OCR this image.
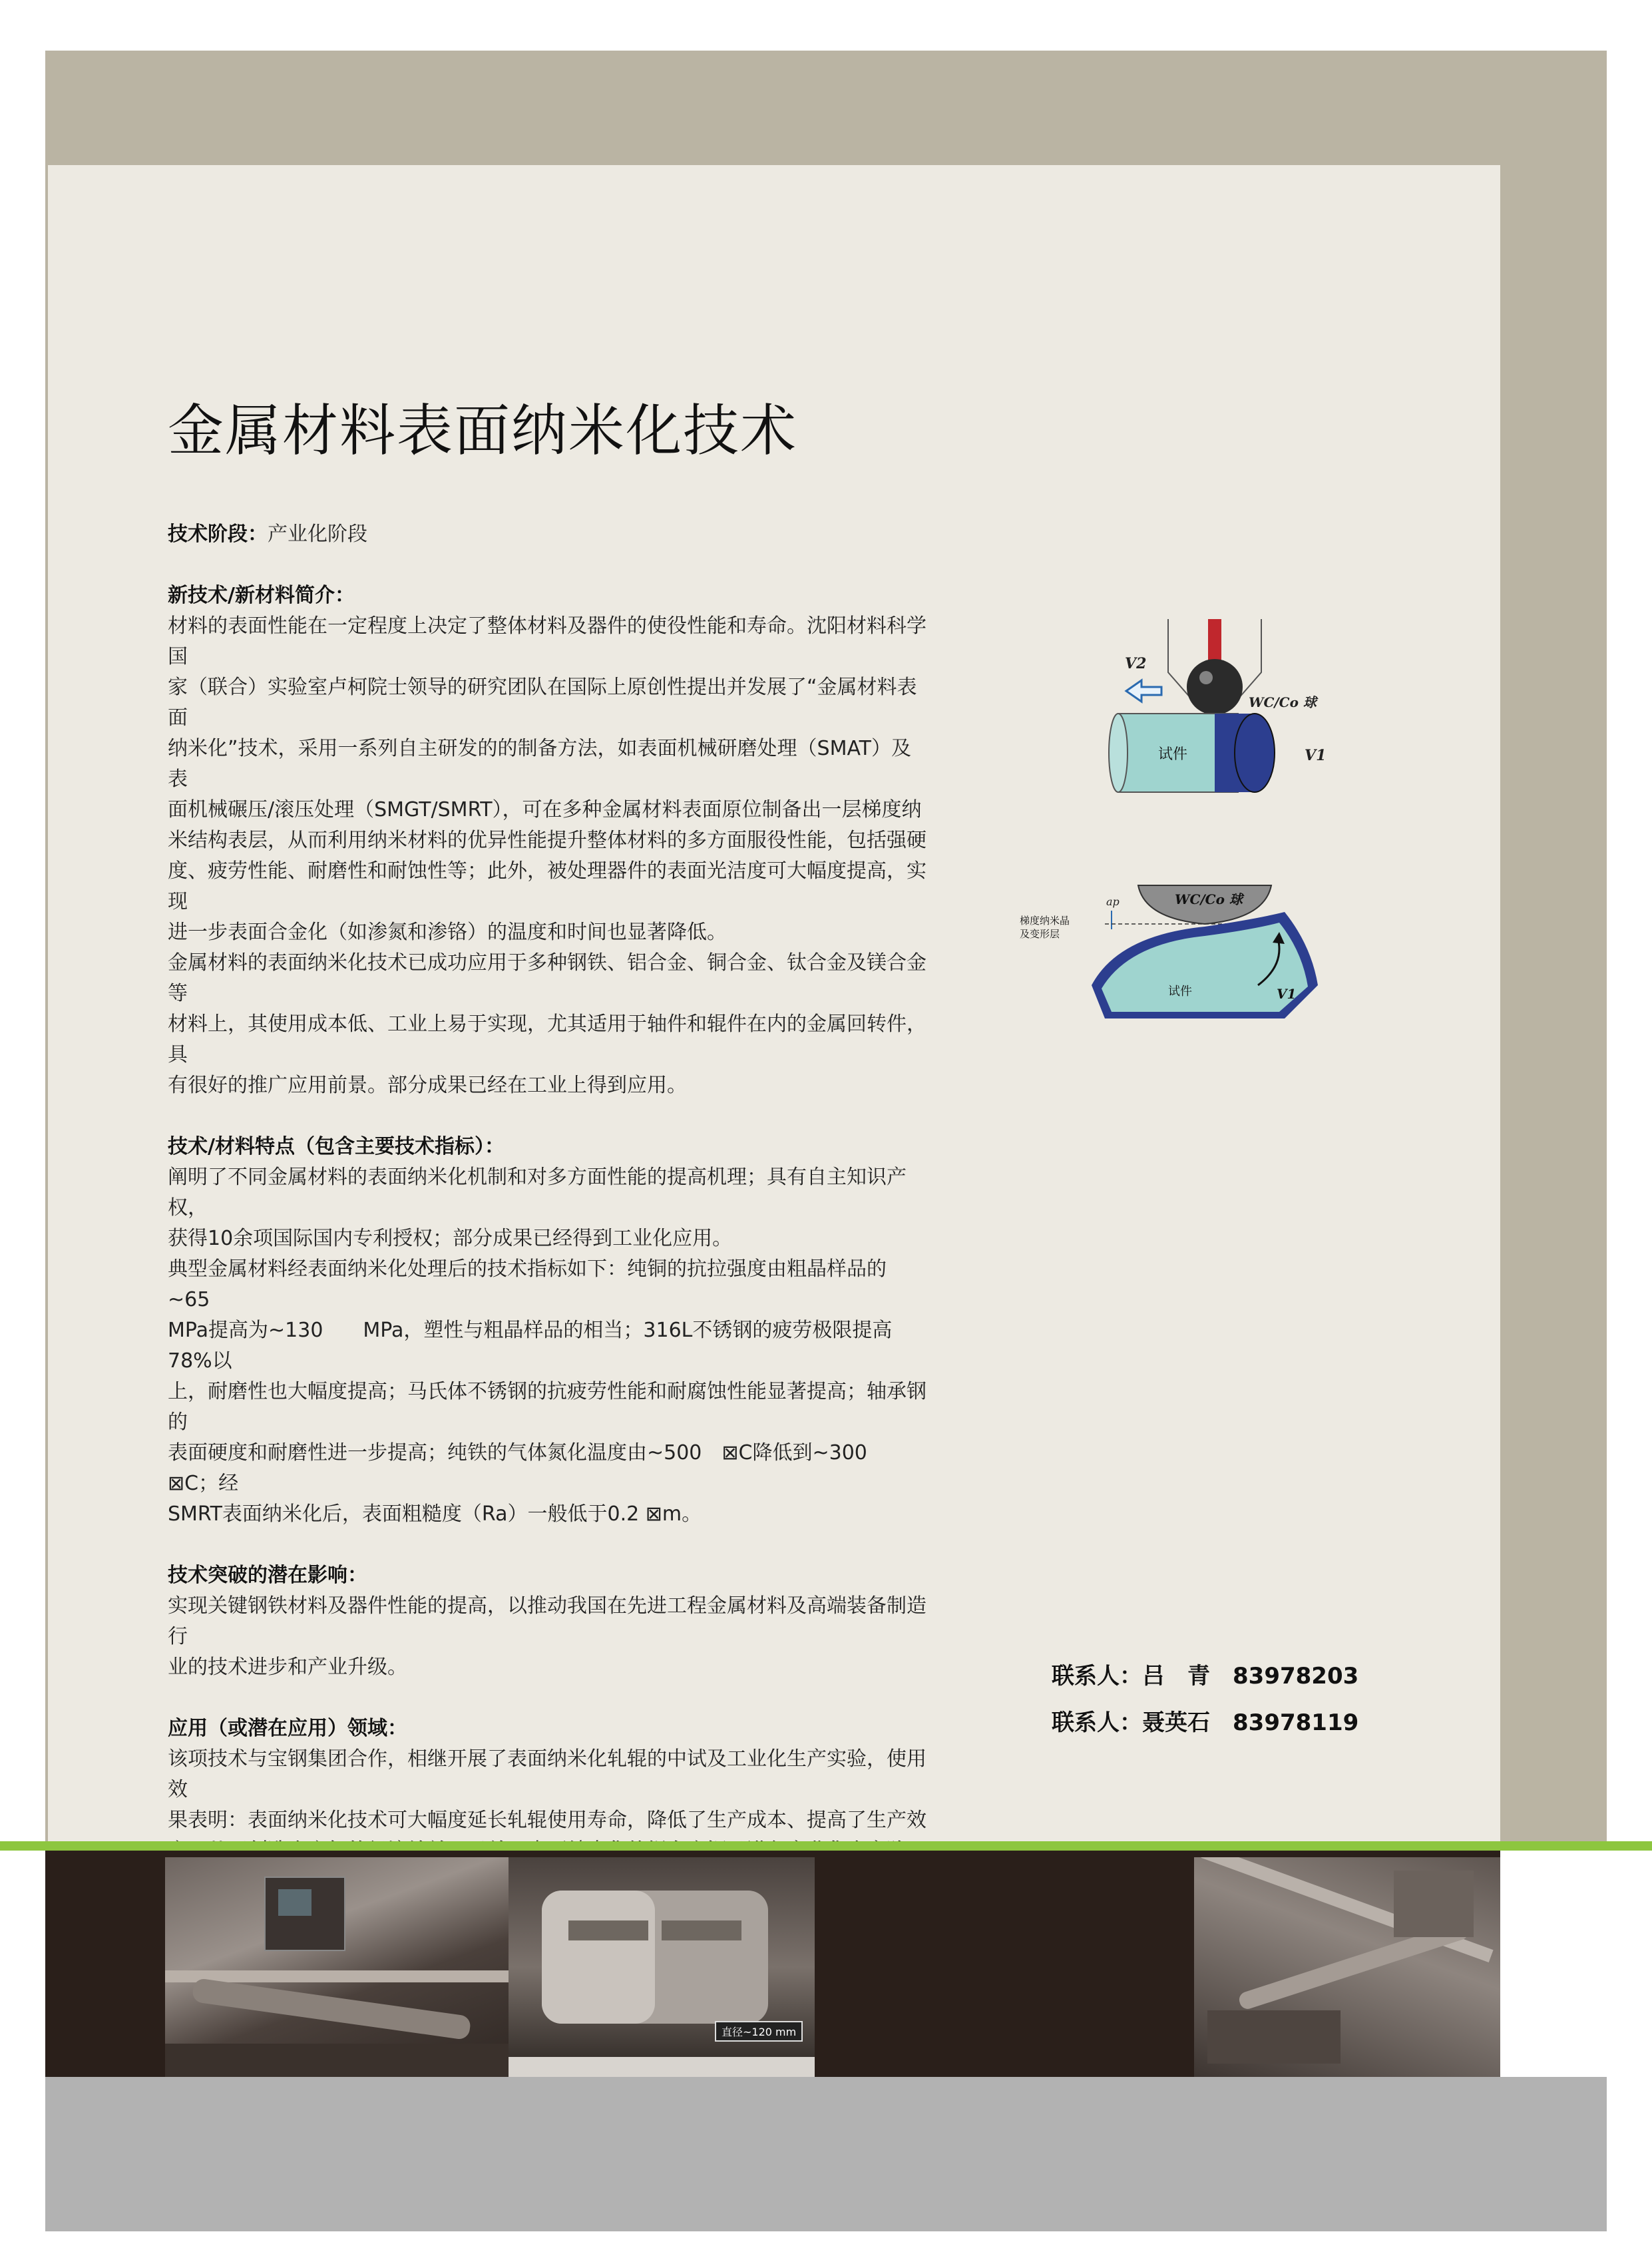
金属材料表面纳米化技术

技术阶段：产业化阶段

新技术/新材料简介：

材料的表面性能在一定程度上决定了整体材料及器件的使役性能和寿命。沈阳材料科学国

家（联合）实验室卢柯院士领导的研究团队在国际上原创性提出并发展了“金属材料表面

纳米化”技术，采用一系列自主研发的的制备方法，如表面机械研磨处理（SMAT）及表

面机械碾压/滚压处理（SMGT/SMRT），可在多种金属材料表面原位制备出一层梯度纳

米结构表层，从而利用纳米材料的优异性能提升整体材料的多方面服役性能，包括强硬

度、疲劳性能、耐磨性和耐蚀性等；此外，被处理器件的表面光洁度可大幅度提高，实现

进一步表面合金化（如渗氮和渗铬）的温度和时间也显著降低。

金属材料的表面纳米化技术已成功应用于多种钢铁、铝合金、铜合金、钛合金及镁合金等

材料上，其使用成本低、工业上易于实现，尤其适用于轴件和辊件在内的金属回转件，具

有很好的推广应用前景。部分成果已经在工业上得到应用。

技术/材料特点（包含主要技术指标）：

阐明了不同金属材料的表面纳米化机制和对多方面性能的提高机理；具有自主知识产权，

获得10余项国际国内专利授权；部分成果已经得到工业化应用。

典型金属材料经表面纳米化处理后的技术指标如下：纯铜的抗拉强度由粗晶样品的~65

MPa提高为~130　　MPa，塑性与粗晶样品的相当；316L不锈钢的疲劳极限提高78%以

上，耐磨性也大幅度提高；马氏体不锈钢的抗疲劳性能和耐腐蚀性能显著提高；轴承钢的

表面硬度和耐磨性进一步提高；纯铁的气体氮化温度由~500　⊠C降低到~300　⊠C；经

SMRT表面纳米化后，表面粗糙度（Ra）一般低于0.2 ⊠m。

技术突破的潜在影响：

实现关键钢铁材料及器件性能的提高，以推动我国在先进工程金属材料及高端装备制造行

业的技术进步和产业升级。

应用（或潜在应用）领域：

该项技术与宝钢集团合作，相继开展了表面纳米化轧辊的中试及工业化生产实验，使用效

果表明：表面纳米化技术可大幅度延长轧辊使用寿命，降低了生产成本、提高了生产效

V2
WC/Co 球
试件	V1
WC/Co 球
ap
梯度纳米晶
及变形层
试件	V1
联系人：吕　青　83978203
联系人：聂英石　83978119
直径~120 mm
